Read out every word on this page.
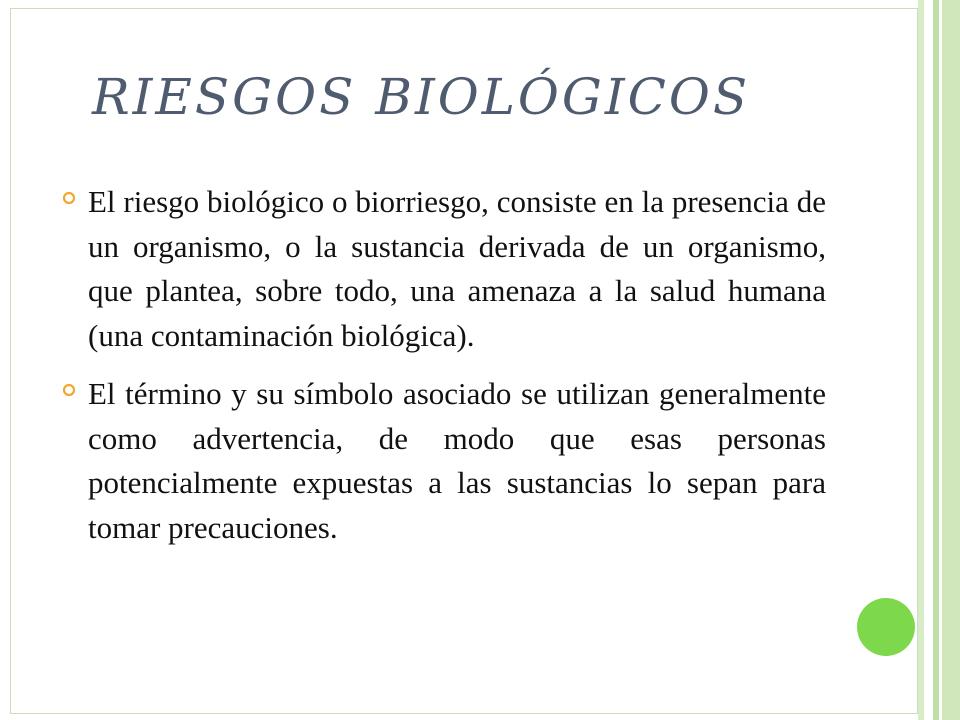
RIESGOS BIOLÓGICOS
El riesgo biológico o biorriesgo, consiste en la presencia de un organismo, o la sustancia derivada de un organismo, que plantea, sobre todo, una amenaza a la salud humana (una contaminación biológica).
El término y su símbolo asociado se utilizan generalmente como advertencia, de modo que esas personas potencialmente expuestas a las sustancias lo sepan para tomar precauciones.
